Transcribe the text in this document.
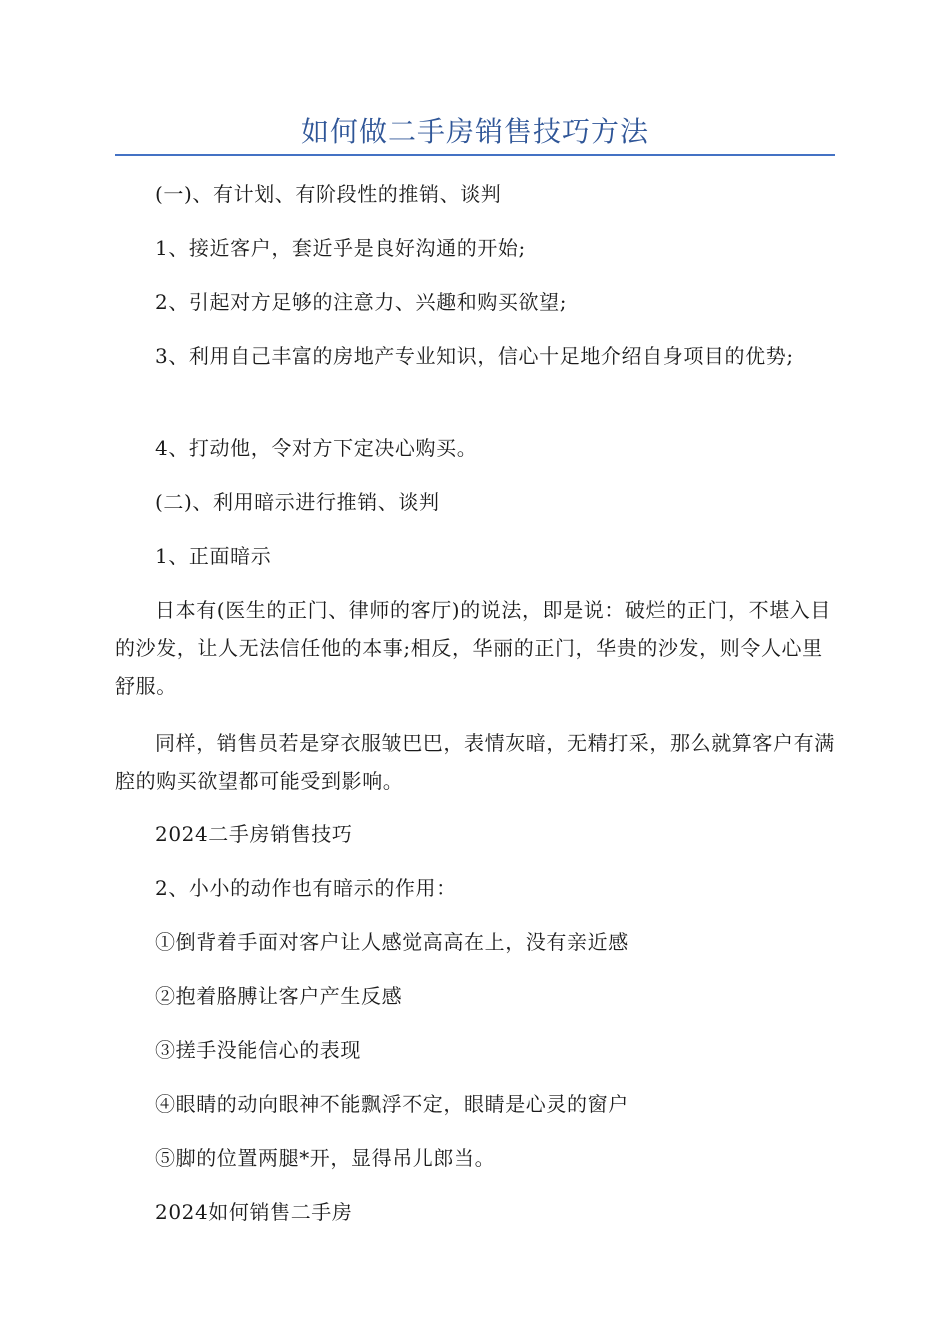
如何做二手房销售技巧方法
(一)、有计划、有阶段性的推销、谈判
1、接近客户，套近乎是良好沟通的开始;
2、引起对方足够的注意力、兴趣和购买欲望;
3、利用自己丰富的房地产专业知识，信心十足地介绍自身项目的优势;
4、打动他，令对方下定决心购买。
(二)、利用暗示进行推销、谈判
1、正面暗示
日本有(医生的正门、律师的客厅)的说法，即是说：破烂的正门，不堪入目的沙发，让人无法信任他的本事;相反，华丽的正门，华贵的沙发，则令人心里舒服。
同样，销售员若是穿衣服皱巴巴，表情灰暗，无精打采，那么就算客户有满腔的购买欲望都可能受到影响。
2024二手房销售技巧
2、小小的动作也有暗示的作用：
①倒背着手面对客户让人感觉高高在上，没有亲近感
②抱着胳膊让客户产生反感
③搓手没能信心的表现
④眼睛的动向眼神不能飘浮不定，眼睛是心灵的窗户
⑤脚的位置两腿*开，显得吊儿郎当。
2024如何销售二手房
